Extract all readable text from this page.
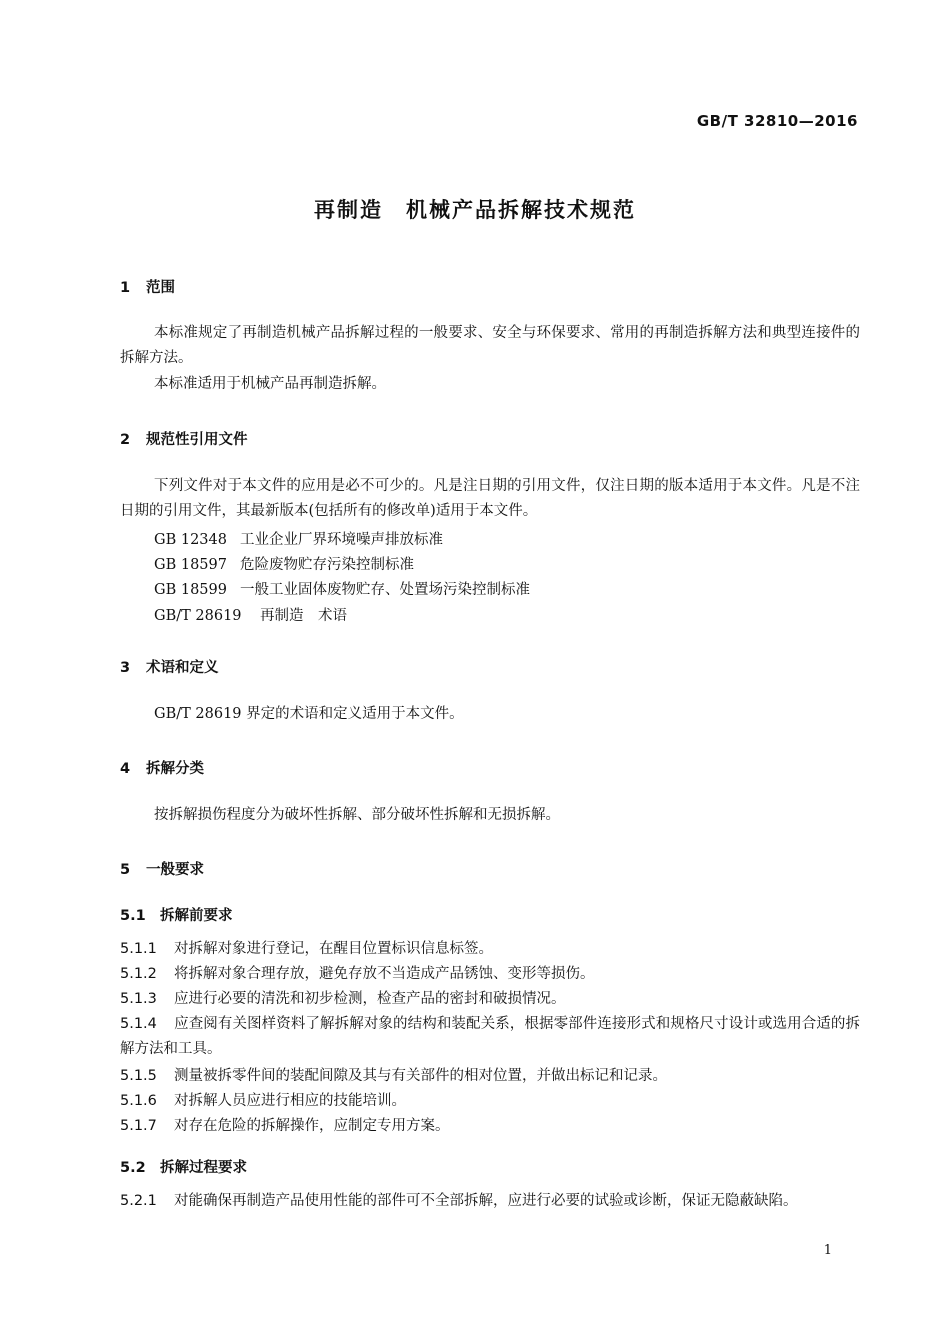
GB/T 32810—2016
再制造　机械产品拆解技术规范
1 范围
本标准规定了再制造机械产品拆解过程的一般要求、安全与环保要求、常用的再制造拆解方法和典型连接件的拆解方法。
本标准适用于机械产品再制造拆解。
2 规范性引用文件
下列文件对于本文件的应用是必不可少的。凡是注日期的引用文件，仅注日期的版本适用于本文件。凡是不注日期的引用文件，其最新版本(包括所有的修改单)适用于本文件。
GB 12348 工业企业厂界环境噪声排放标准
GB 18597 危险废物贮存污染控制标准
GB 18599 一般工业固体废物贮存、处置场污染控制标准
GB/T 28619 再制造　术语
3 术语和定义
GB/T 28619 界定的术语和定义适用于本文件。
4 拆解分类
按拆解损伤程度分为破坏性拆解、部分破坏性拆解和无损拆解。
5 一般要求
5.1 拆解前要求
5.1.1 对拆解对象进行登记，在醒目位置标识信息标签。
5.1.2 将拆解对象合理存放，避免存放不当造成产品锈蚀、变形等损伤。
5.1.3 应进行必要的清洗和初步检测，检查产品的密封和破损情况。
5.1.4 应查阅有关图样资料了解拆解对象的结构和装配关系，根据零部件连接形式和规格尺寸设计或选用合适的拆解方法和工具。
5.1.5 测量被拆零件间的装配间隙及其与有关部件的相对位置，并做出标记和记录。
5.1.6 对拆解人员应进行相应的技能培训。
5.1.7 对存在危险的拆解操作，应制定专用方案。
5.2 拆解过程要求
5.2.1 对能确保再制造产品使用性能的部件可不全部拆解，应进行必要的试验或诊断，保证无隐蔽缺陷。
1
